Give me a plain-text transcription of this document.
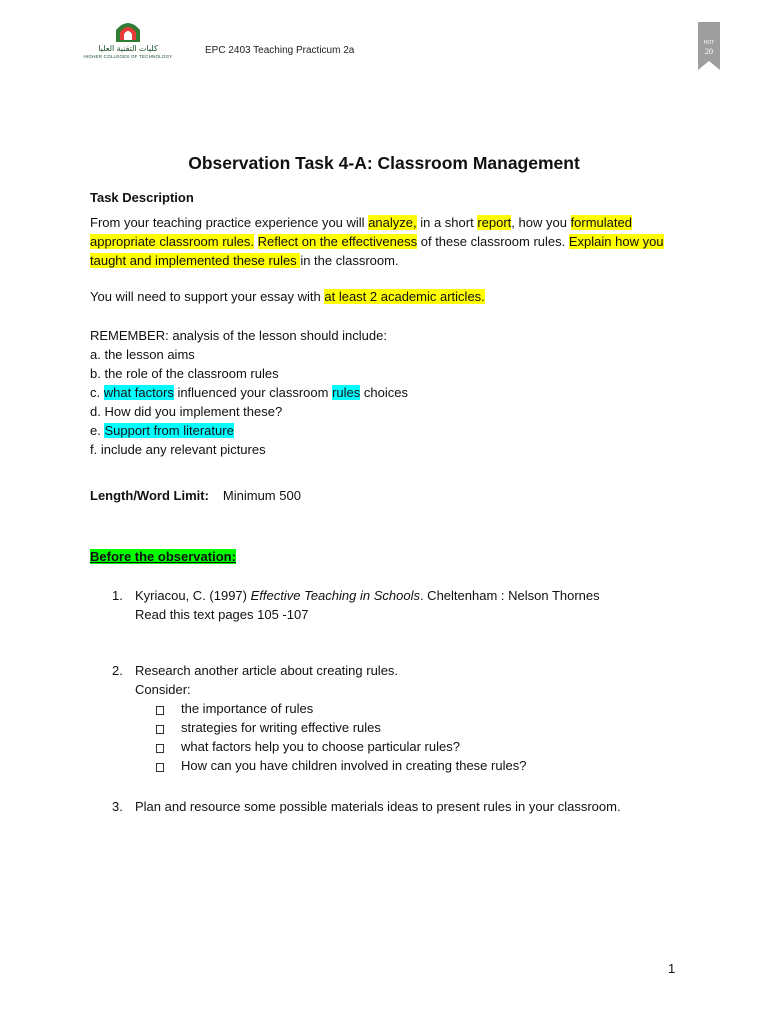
كليات التقنية العليا
HIGHER COLLEGES OF TECHNOLOGY
EPC 2403 Teaching Practicum 2a
HOT
20
Observation Task 4-A: Classroom Management
Task Description
From your teaching practice experience you will analyze, in a short report, how you formulated appropriate classroom rules. Reflect on the effectiveness of these classroom rules. Explain how you taught and implemented these rules in the classroom.
You will need to support your essay with at least 2 academic articles.
REMEMBER: analysis of the lesson should include:
a. the lesson aims
b. the role of the classroom rules
c. what factors influenced your classroom rules choices
d. How did you implement these?
e. Support from literature
f. include any relevant pictures
Length/Word Limit: Minimum 500
Before the observation:
1. Kyriacou, C. (1997) Effective Teaching in Schools. Cheltenham : Nelson Thornes
Read this text pages 105 -107
2. Research another article about creating rules.
Consider:
the importance of rules
strategies for writing effective rules
what factors help you to choose particular rules?
How can you have children involved in creating these rules?
3. Plan and resource some possible materials ideas to present rules in your classroom.
1
